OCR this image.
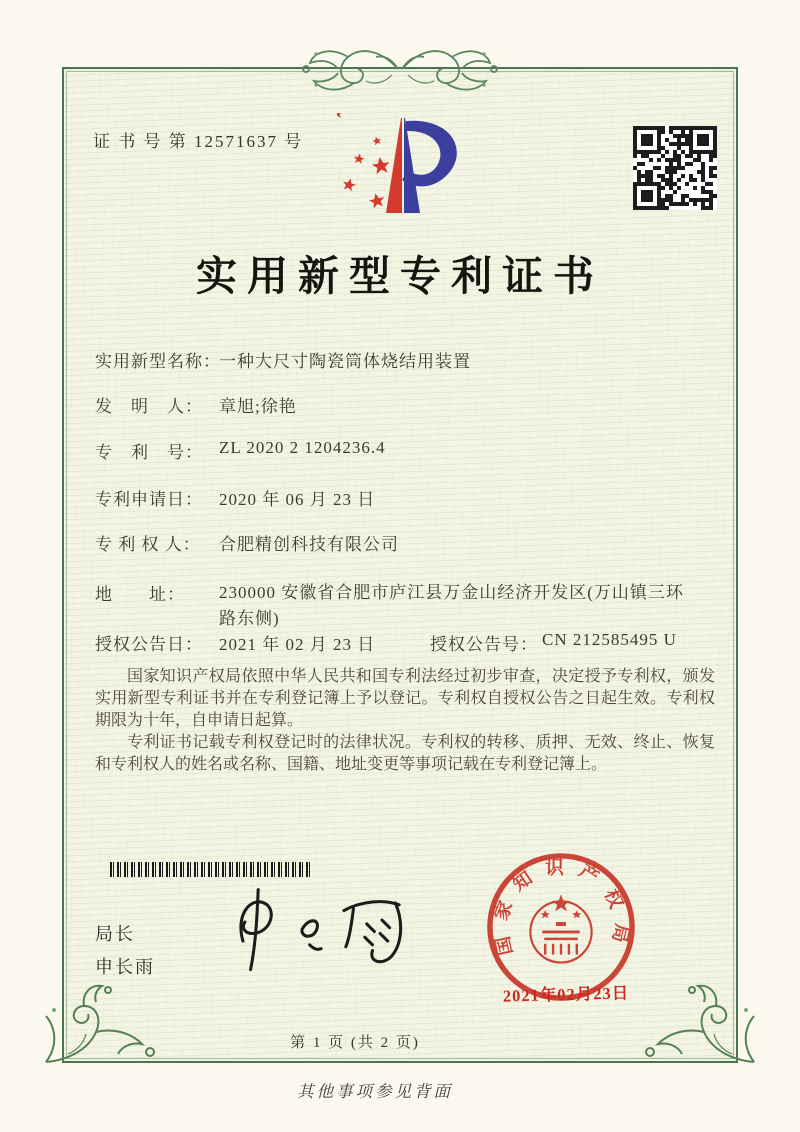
证 书 号 第 12571637 号
实用新型专利证书
实用新型名称：
一种大尺寸陶瓷筒体烧结用装置
发　明　人： 章旭;徐艳
专　利　号： ZL 2020 2 1204236.4
专利申请日： 2020 年 06 月 23 日
专 利 权 人：	合肥精创科技有限公司
地　　址：	230000 安徽省合肥市庐江县万金山经济开发区(万山镇三环路东侧)
授权公告日： 2021 年 02 月 23 日	授权公告号： CN 212585495 U

国家知识产权局依照中华人民共和国专利法经过初步审查，决定授予专利权，颁发实用新型专利证书并在专利登记簿上予以登记。专利权自授权公告之日起生效。专利权期限为十年，自申请日起算。

专利证书记载专利权登记时的法律状况。专利权的转移、质押、无效、终止、恢复和专利权人的姓名或名称、国籍、地址变更等事项记载在专利登记簿上。

局长
申长雨
国家知识产权局
2021年02月23日
第 1 页 (共 2 页)
其他事项参见背面
